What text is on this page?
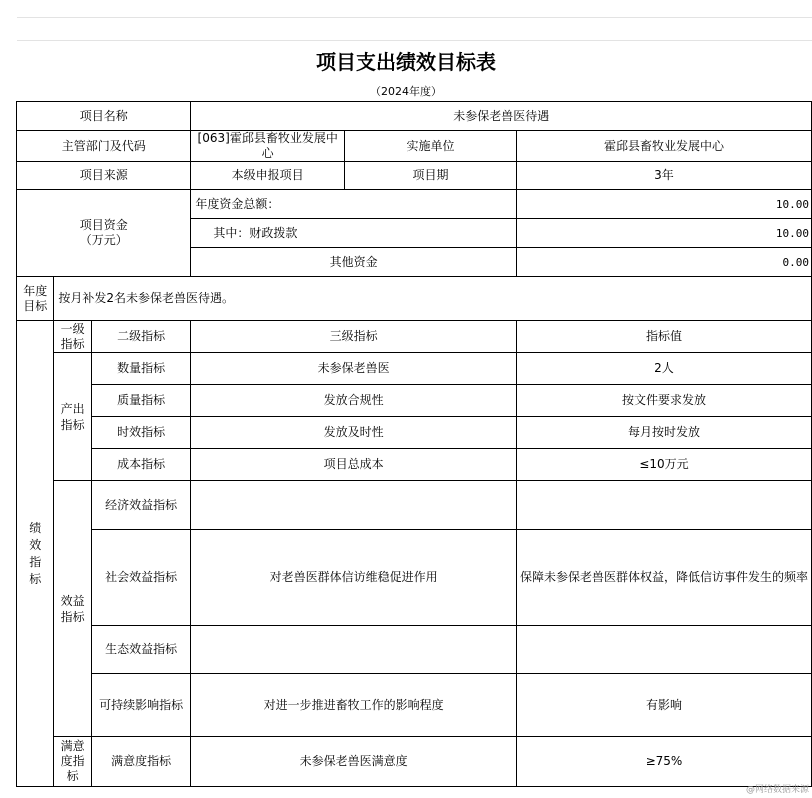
项目支出绩效目标表
（2024年度）
项目名称			未参保老兽医待遇		
主管部门及代码			[063]霍邱县畜牧业发展中心	实施单位	霍邱县畜牧业发展中心
项目来源			本级申报项目	项目期	3年
项目资金（万元）			年度资金总额：		10.00
			其中：财政拨款		10.00
			其他资金		0.00
年度目标	按月补发2名未参保老兽医待遇。				
绩效指标	一级指标	二级指标	三级指标		指标值
	产出指标	数量指标	未参保老兽医		2人
		质量指标	发放合规性		按文件要求发放
		时效指标	发放及时性		每月按时发放
		成本指标	项目总成本		≤10万元
	效益指标	经济效益指标			
		社会效益指标	对老兽医群体信访维稳促进作用		保障未参保老兽医群体权益，降低信访事件发生的频率
		生态效益指标			
		可持续影响指标	对进一步推进畜牧工作的影响程度		有影响
	满意度指标	满意度指标	未参保老兽医满意度		≥75%
@网络数据来源
